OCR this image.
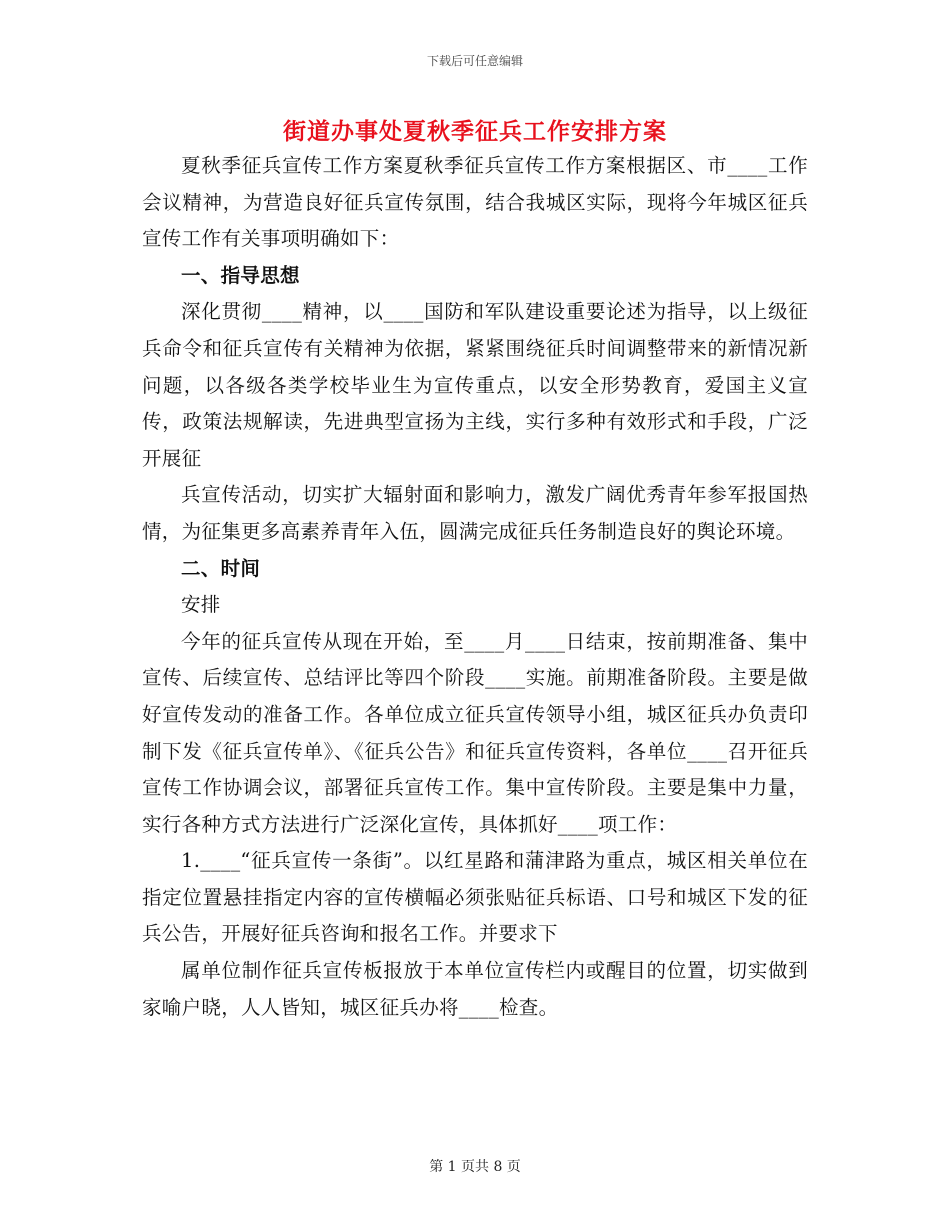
下载后可任意编辑
街道办事处夏秋季征兵工作安排方案

夏秋季征兵宣传工作方案夏秋季征兵宣传工作方案根据区、市____工作会议精神，为营造良好征兵宣传氛围，结合我城区实际，现将今年城区征兵宣传工作有关事项明确如下：

一、指导思想

深化贯彻____精神，以____国防和军队建设重要论述为指导，以上级征兵命令和征兵宣传有关精神为依据，紧紧围绕征兵时间调整带来的新情况新问题，以各级各类学校毕业生为宣传重点，以安全形势教育，爱国主义宣传，政策法规解读，先进典型宣扬为主线，实行多种有效形式和手段，广泛开展征

兵宣传活动，切实扩大辐射面和影响力，激发广阔优秀青年参军报国热情，为征集更多高素养青年入伍，圆满完成征兵任务制造良好的舆论环境。

二、时间

安排

今年的征兵宣传从现在开始，至____月____日结束，按前期准备、集中宣传、后续宣传、总结评比等四个阶段____实施。前期准备阶段。主要是做好宣传发动的准备工作。各单位成立征兵宣传领导小组，城区征兵办负责印制下发《征兵宣传单》、《征兵公告》和征兵宣传资料，各单位____召开征兵宣传工作协调会议，部署征兵宣传工作。集中宣传阶段。主要是集中力量，实行各种方式方法进行广泛深化宣传，具体抓好____项工作：

1.____“征兵宣传一条街”。以红星路和蒲津路为重点，城区相关单位在指定位置悬挂指定内容的宣传横幅必须张贴征兵标语、口号和城区下发的征兵公告，开展好征兵咨询和报名工作。并要求下

属单位制作征兵宣传板报放于本单位宣传栏内或醒目的位置，切实做到家喻户晓，人人皆知，城区征兵办将____检查。

第 1 页共 8 页
